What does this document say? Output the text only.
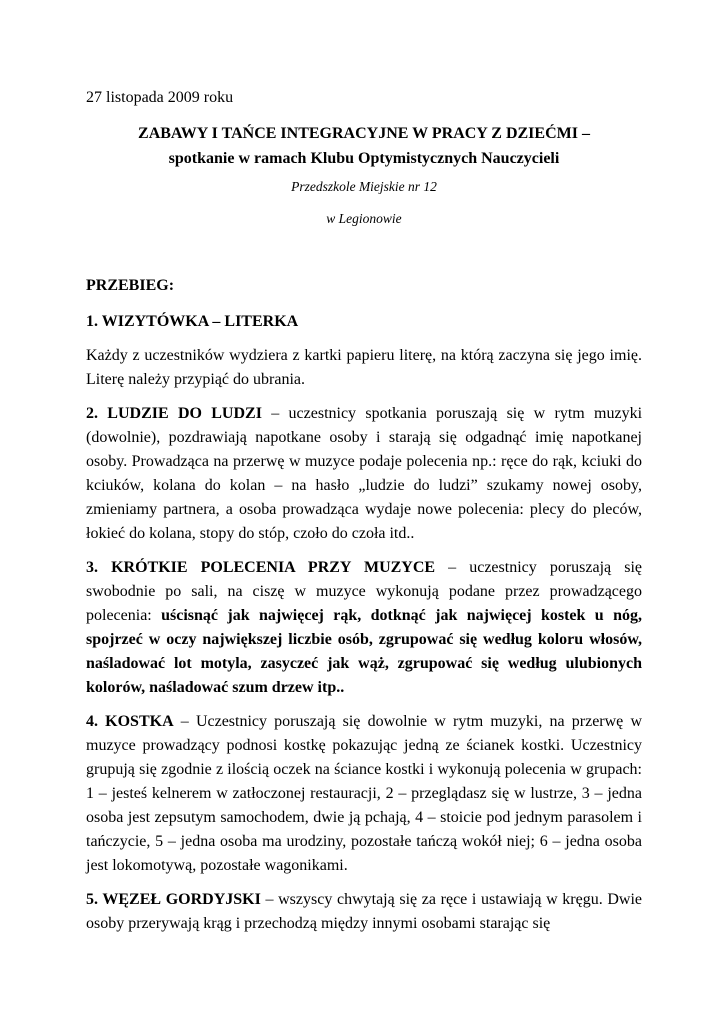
27 listopada 2009 roku
ZABAWY I TAŃCE INTEGRACYJNE W PRACY Z DZIEĆMI –
spotkanie w ramach Klubu Optymistycznych Nauczycieli
Przedszkole Miejskie nr 12
w Legionowie
PRZEBIEG:
1. WIZYTÓWKA – LITERKA

Każdy z uczestników wydziera z kartki papieru literę, na którą zaczyna się jego imię. Literę należy przypiąć do ubrania.

2. LUDZIE DO LUDZI – uczestnicy spotkania poruszają się w rytm muzyki (dowolnie), pozdrawiają napotkane osoby i starają się odgadnąć imię napotkanej osoby. Prowadząca na przerwę w muzyce podaje polecenia np.: ręce do rąk, kciuki do kciuków, kolana do kolan – na hasło „ludzie do ludzi” szukamy nowej osoby, zmieniamy partnera, a osoba prowadząca wydaje nowe polecenia: plecy do pleców, łokieć do kolana, stopy do stóp, czoło do czoła itd..

3. KRÓTKIE POLECENIA PRZY MUZYCE – uczestnicy poruszają się swobodnie po sali, na ciszę w muzyce wykonują podane przez prowadzącego polecenia: uścisnąć jak najwięcej rąk, dotknąć jak najwięcej kostek u nóg, spojrzeć w oczy największej liczbie osób, zgrupować się według koloru włosów, naśladować lot motyla, zasyczeć jak wąż, zgrupować się według ulubionych kolorów, naśladować szum drzew itp..

4. KOSTKA – Uczestnicy poruszają się dowolnie w rytm muzyki, na przerwę w muzyce prowadzący podnosi kostkę pokazując jedną ze ścianek kostki. Uczestnicy grupują się zgodnie z ilością oczek na ściance kostki i wykonują polecenia w grupach: 1 – jesteś kelnerem w zatłoczonej restauracji, 2 – przeglądasz się w lustrze, 3 – jedna osoba jest zepsutym samochodem, dwie ją pchają, 4 – stoicie pod jednym parasolem i tańczycie, 5 – jedna osoba ma urodziny, pozostałe tańczą wokół niej; 6 – jedna osoba jest lokomotywą, pozostałe wagonikami.

5. WĘZEŁ GORDYJSKI – wszyscy chwytają się za ręce i ustawiają w kręgu. Dwie osoby przerywają krąg i przechodzą między innymi osobami starając się
